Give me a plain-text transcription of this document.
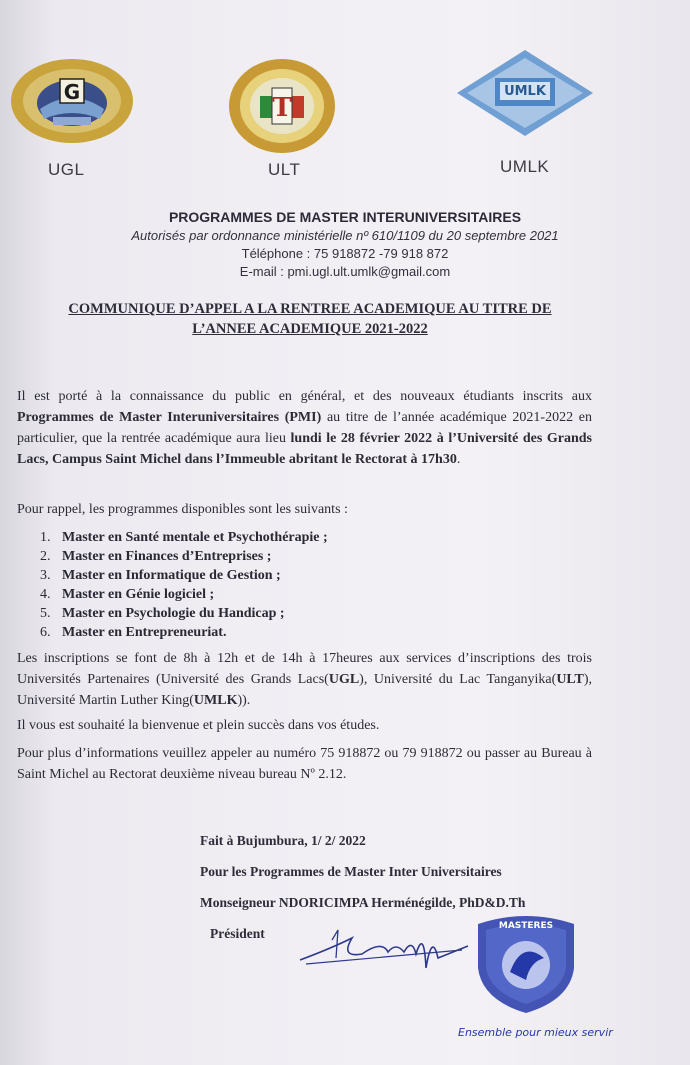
G
UGL
T
ULT
UMLK
UMLK
PROGRAMMES DE MASTER INTERUNIVERSITAIRES
Autorisés par ordonnance ministérielle nº 610/1109 du 20 septembre 2021
Téléphone : 75 918872 -79 918 872
E-mail : pmi.ugl.ult.umlk@gmail.com
COMMUNIQUE D’APPEL A LA RENTREE ACADEMIQUE AU TITRE DE
L’ANNEE ACADEMIQUE 2021-2022
Il est porté à la connaissance du public en général, et des nouveaux étudiants inscrits aux Programmes de Master Interuniversitaires (PMI) au titre de l’année académique 2021-2022 en particulier, que la rentrée académique aura lieu lundi le 28 février 2022 à l’Université des Grands Lacs, Campus Saint Michel dans l’Immeuble abritant le Rectorat à 17h30.
Pour rappel, les programmes disponibles sont les suivants :
1. Master en Santé mentale et Psychothérapie ;
2. Master en Finances d’Entreprises ;
3. Master en Informatique de Gestion ;
4. Master en Génie logiciel ;
5. Master en Psychologie du Handicap ;
6. Master en Entrepreneuriat.
Les inscriptions se font de 8h à 12h et de 14h à 17heures aux services d’inscriptions des trois Universités Partenaires (Université des Grands Lacs(UGL), Université du Lac Tanganyika(ULT), Université Martin Luther King(UMLK)).
Il vous est souhaité la bienvenue et plein succès dans vos études.
Pour plus d’informations veuillez appeler au numéro 75 918872 ou 79 918872 ou passer au Bureau à Saint Michel au Rectorat deuxième niveau bureau Nº 2.12.
Fait à Bujumbura, 1/ 2/ 2022
Pour les Programmes de Master Inter Universitaires
Monseigneur NDORICIMPA Herménégilde, PhD&D.Th
Président	MASTERES
Ensemble pour mieux servir
